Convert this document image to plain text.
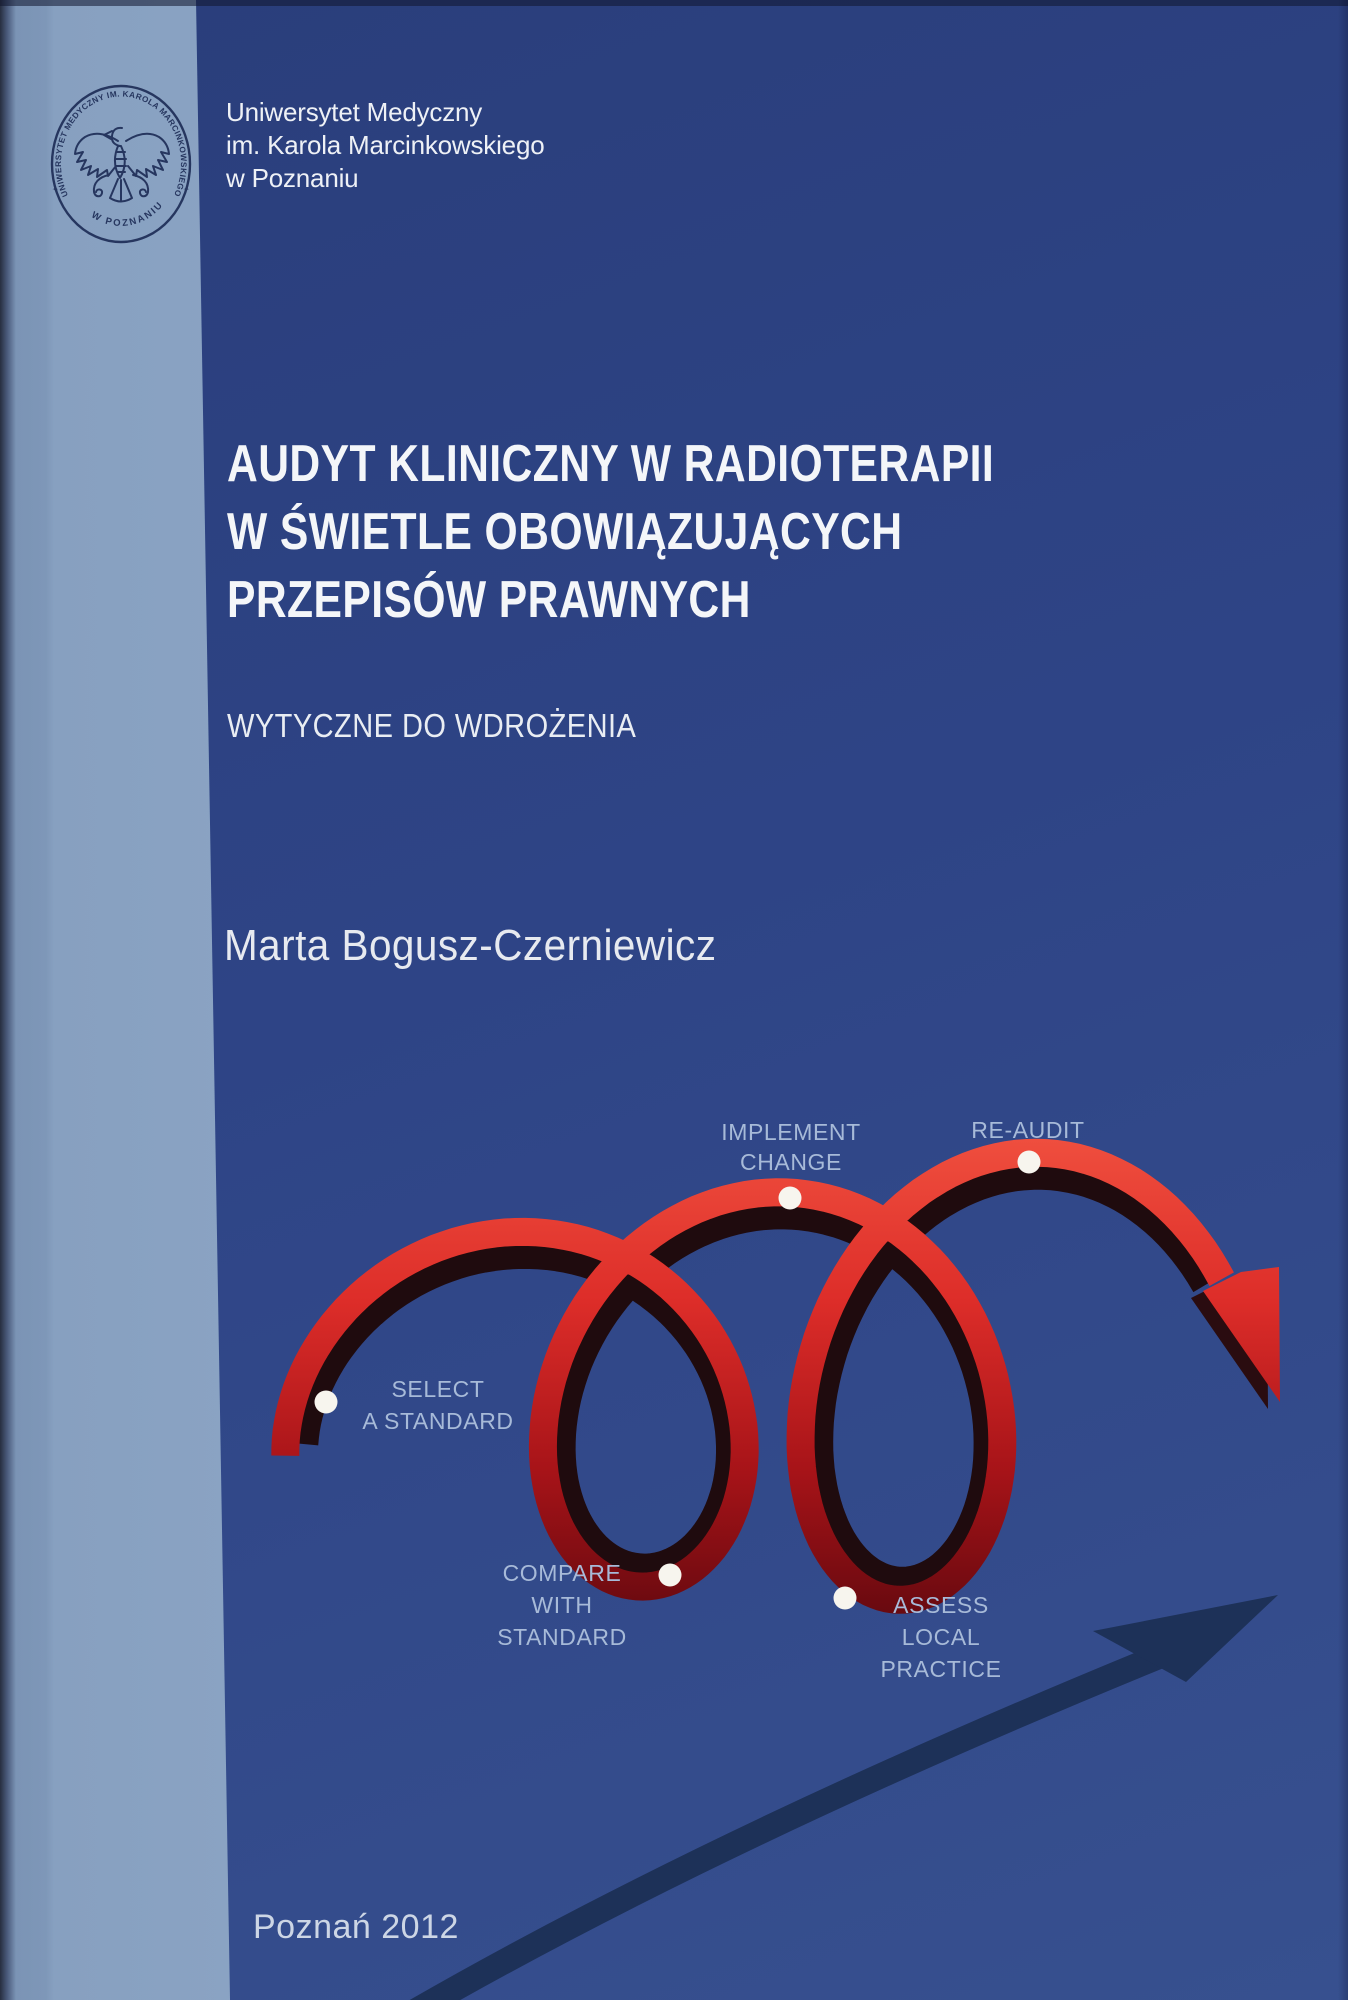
UNIWERSYTET MEDYCZNY IM. KAROLA MARCINKOWSKIEGO
W POZNANIU
✦	✦
Uniwersytet Medyczny
im. Karola Marcinkowskiego
w Poznaniu
AUDYT KLINICZNY W RADIOTERAPII
W ŚWIETLE OBOWIĄZUJĄCYCH
PRZEPISÓW PRAWNYCH
WYTYCZNE DO WDROŻENIA
Marta Bogusz-Czerniewicz
SELECT
A STANDARD
COMPARE
WITH
STANDARD
IMPLEMENT
CHANGE
ASSESS
LOCAL
PRACTICE
RE-AUDIT
Poznań 2012
